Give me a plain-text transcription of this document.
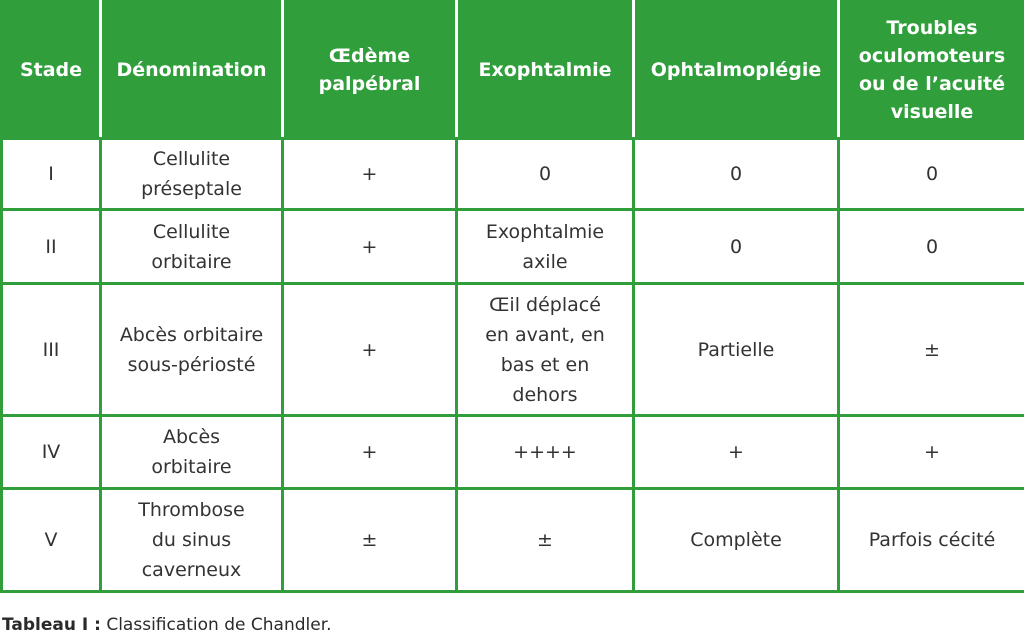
Stade	Dénomination	Œdème palpébral	Exophtalmie	Ophtalmoplégie	Troubles oculomoteurs ou de l’acuité visuelle
I	Cellulite préseptale	+	0	0	0
II	Cellulite orbitaire	+	Exophtalmie axile	0	0
III	Abcès orbitaire sous-périosté	+	Œil déplacé en avant, en bas et en dehors	Partielle	±
IV	Abcès orbitaire	+	++++	+	+
V	Thrombose du sinus caverneux	±	±	Complète	Parfois cécité
Tableau I : Classification de Chandler.
